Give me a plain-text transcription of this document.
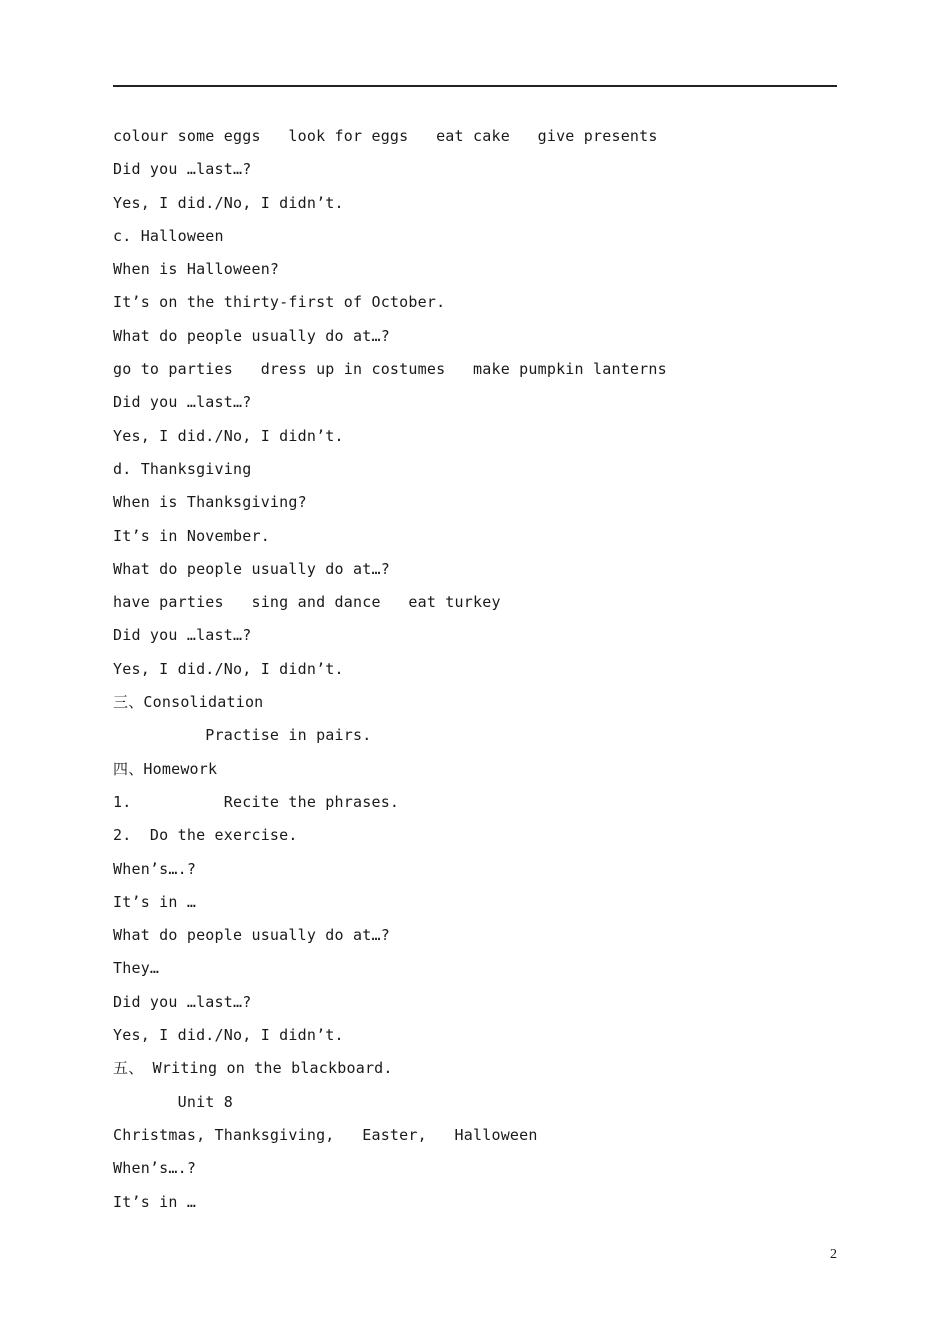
colour some eggs   look for eggs   eat cake   give presents
Did you …last…?
Yes, I did./No, I didn’t.
c. Halloween
When is Halloween?
It’s on the thirty-first of October.
What do people usually do at…?
go to parties   dress up in costumes   make pumpkin lanterns
Did you …last…?
Yes, I did./No, I didn’t.
d. Thanksgiving
When is Thanksgiving?
It’s in November.
What do people usually do at…?
have parties   sing and dance   eat turkey
Did you …last…?
Yes, I did./No, I didn’t.
三、Consolidation
Practise in pairs.
四、Homework
1.          Recite the phrases.
2.  Do the exercise.
When’s….?
It’s in …
What do people usually do at…?
They…
Did you …last…?
Yes, I did./No, I didn’t.
五、 Writing on the blackboard.
Unit 8
Christmas, Thanksgiving,   Easter,   Halloween
When’s….?
It’s in …
2
